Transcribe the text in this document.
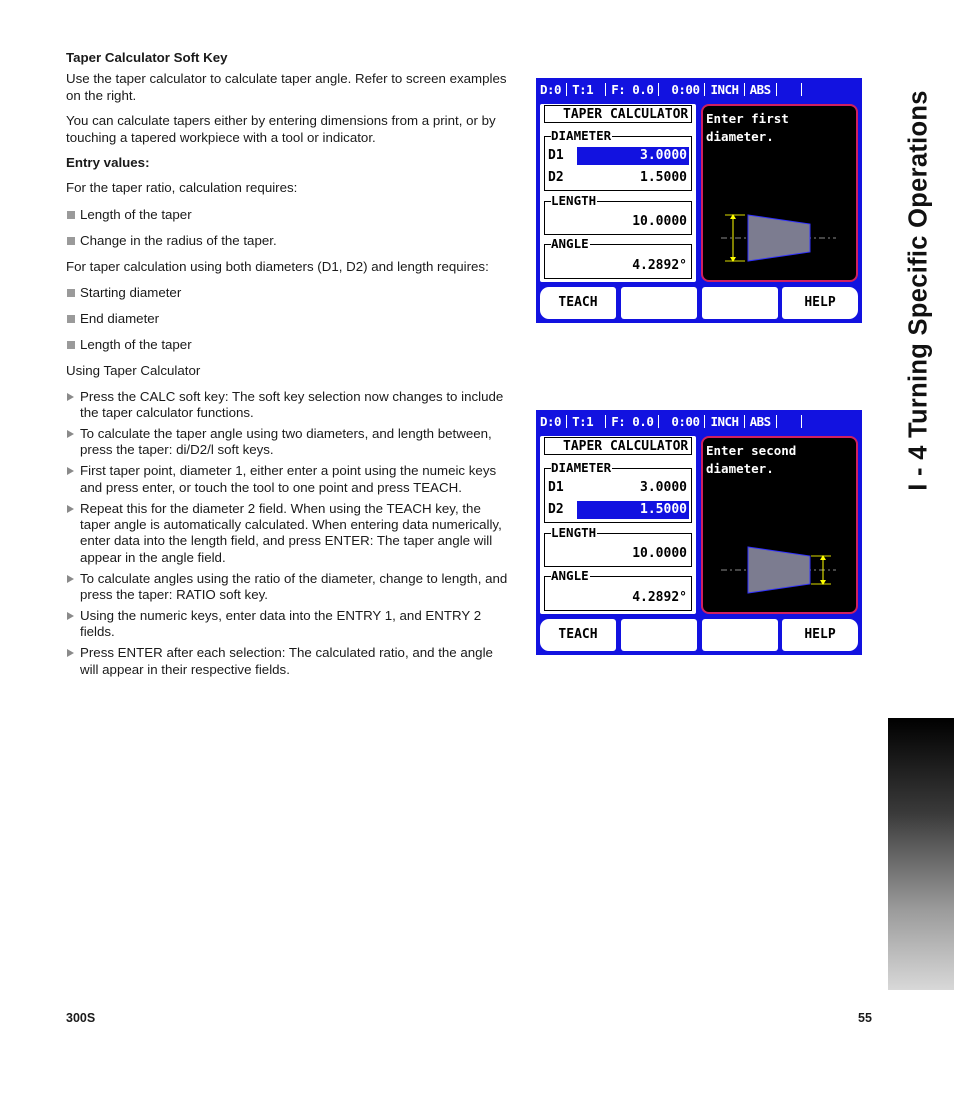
Taper Calculator Soft Key

Use the taper calculator to calculate taper angle. Refer to screen examples on the right.

You can calculate tapers either by entering dimensions from a print, or by touching a tapered workpiece with a tool or indicator.

Entry values:

For the taper ratio, calculation requires:

Length of the taper

Change in the radius of the taper.

For taper calculation using both diameters (D1, D2) and length requires:

Starting diameter

End diameter

Length of the taper

Using Taper Calculator

Press the CALC soft key: The soft key selection now changes to include the taper calculator functions.

To calculate the taper angle using two diameters, and length between, press the taper: di/D2/l soft keys.

First taper point, diameter 1, either enter a point using the numeic keys and press enter, or touch the tool to one point and press TEACH.

Repeat this for the diameter 2 field. When using the TEACH key, the taper angle is automatically calculated. When entering data numerically, enter data into the length field, and press ENTER: The taper angle will appear in the angle field.

To calculate angles using the ratio of the diameter, change to length, and press the taper: RATIO soft key.

Using the numeric keys, enter data into the ENTRY 1, and ENTRY 2 fields.

Press ENTER after each selection: The calculated ratio, and the angle will appear in their respective fields.

I - 4 Turning Specific Operations
300S	55
D:0 T:1 F: 0.0 0:00 INCH ABS
TAPER CALCULATOR
DIAMETER
D1	3.0000
D2	1.5000
LENGTH
10.0000
ANGLE
4.2892°
Enter first diameter.
TEACH	HELP
D:0 T:1 F: 0.0 0:00 INCH ABS
TAPER CALCULATOR
DIAMETER
D1	3.0000
D2	1.5000
LENGTH
10.0000
ANGLE
4.2892°
Enter second
diameter.
TEACH	HELP
